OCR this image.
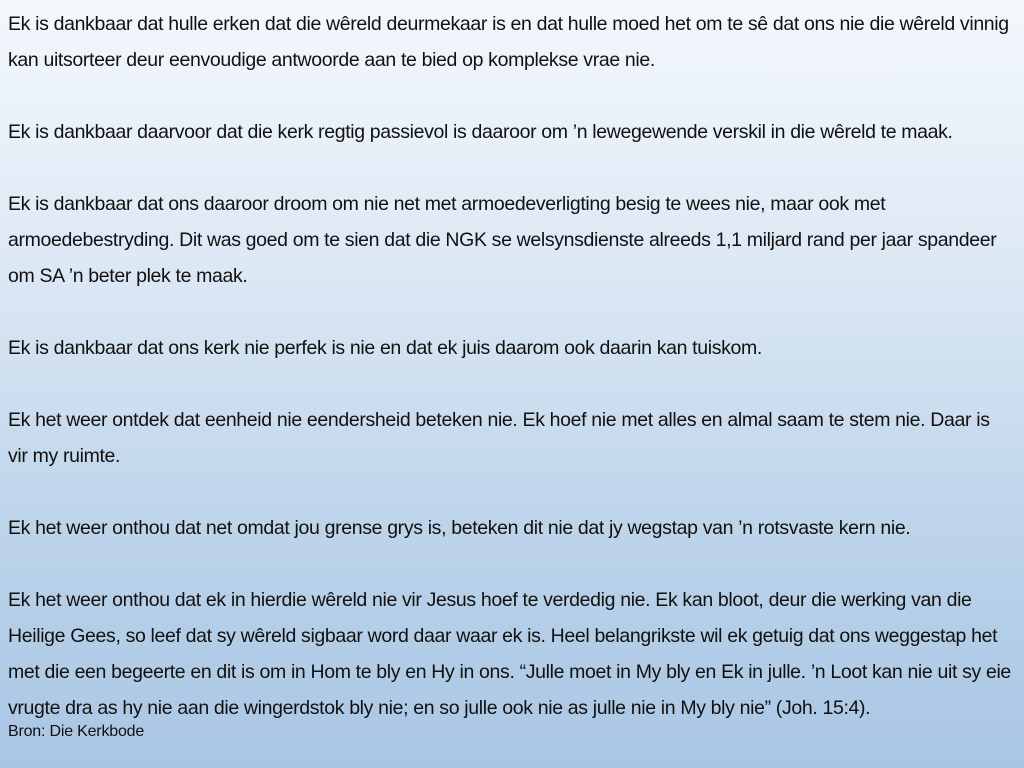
Ek is dankbaar dat hulle erken dat die wêreld deurmekaar is en dat hulle moed het om te sê dat ons nie die wêreld vinnig kan uitsorteer deur eenvoudige antwoorde aan te bied op komplekse vrae nie.

Ek is dankbaar daarvoor dat die kerk regtig passievol is daaroor om ’n lewegewende verskil in die wêreld te maak.

Ek is dankbaar dat ons daaroor droom om nie net met armoedeverligting besig te wees nie, maar ook met armoedebestryding. Dit was goed om te sien dat die NGK se welsynsdienste alreeds 1,1 miljard rand per jaar spandeer om SA ’n beter plek te maak.

Ek is dankbaar dat ons kerk nie perfek is nie en dat ek juis daarom ook daarin kan tuiskom.

Ek het weer ontdek dat eenheid nie eendersheid beteken nie. Ek hoef nie met alles en almal saam te stem nie. Daar is vir my ruimte.

Ek het weer onthou dat net omdat jou grense grys is, beteken dit nie dat jy wegstap van ’n rotsvaste kern nie.

Ek het weer onthou dat ek in hierdie wêreld nie vir Jesus hoef te verdedig nie. Ek kan bloot, deur die werking van die Heilige Gees, so leef dat sy wêreld sigbaar word daar waar ek is. Heel belangrikste wil ek getuig dat ons weggestap het met die een begeerte en dit is om in Hom te bly en Hy in ons. “Julle moet in My bly en Ek in julle. ’n Loot kan nie uit sy eie vrugte dra as hy nie aan die wingerdstok bly nie; en so julle ook nie as julle nie in My bly nie” (Joh. 15:4).

Bron: Die Kerkbode
